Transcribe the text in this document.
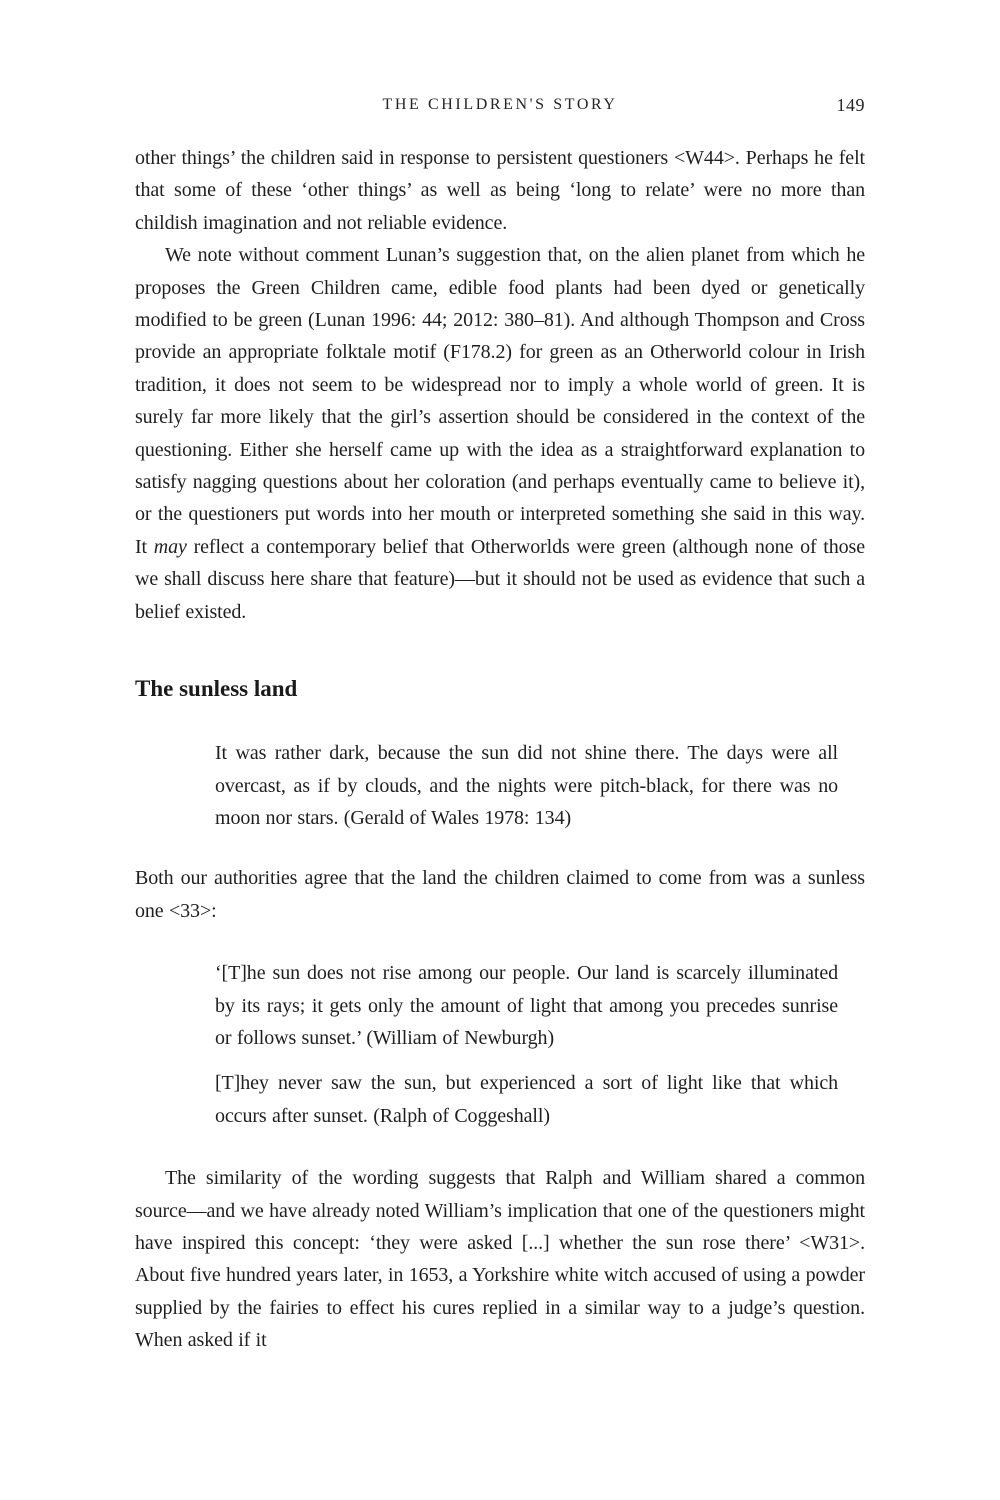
THE CHILDREN'S STORY	149

other things’ the children said in response to persistent questioners <W44>. Perhaps he felt that some of these ‘other things’ as well as being ‘long to relate’ were no more than childish imagination and not reliable evidence.

We note without comment Lunan’s suggestion that, on the alien planet from which he proposes the Green Children came, edible food plants had been dyed or genetically modified to be green (Lunan 1996: 44; 2012: 380–81). And although Thompson and Cross provide an appropriate folktale motif (F178.2) for green as an Otherworld colour in Irish tradition, it does not seem to be widespread nor to imply a whole world of green. It is surely far more likely that the girl’s assertion should be considered in the context of the questioning. Either she herself came up with the idea as a straightforward explanation to satisfy nagging questions about her coloration (and perhaps eventually came to believe it), or the questioners put words into her mouth or interpreted something she said in this way. It may reflect a contemporary belief that Otherworlds were green (although none of those we shall discuss here share that feature)—but it should not be used as evidence that such a belief existed.

The sunless land

It was rather dark, because the sun did not shine there. The days were all overcast, as if by clouds, and the nights were pitch-black, for there was no moon nor stars. (Gerald of Wales 1978: 134)

Both our authorities agree that the land the children claimed to come from was a sunless one <33>:

‘[T]he sun does not rise among our people. Our land is scarcely illuminated by its rays; it gets only the amount of light that among you precedes sunrise or follows sunset.’ (William of Newburgh)

[T]hey never saw the sun, but experienced a sort of light like that which occurs after sunset. (Ralph of Coggeshall)

The similarity of the wording suggests that Ralph and William shared a common source—and we have already noted William’s implication that one of the questioners might have inspired this concept: ‘they were asked [...] whether the sun rose there’ <W31>. About five hundred years later, in 1653, a Yorkshire white witch accused of using a powder supplied by the fairies to effect his cures replied in a similar way to a judge’s question. When asked if it
